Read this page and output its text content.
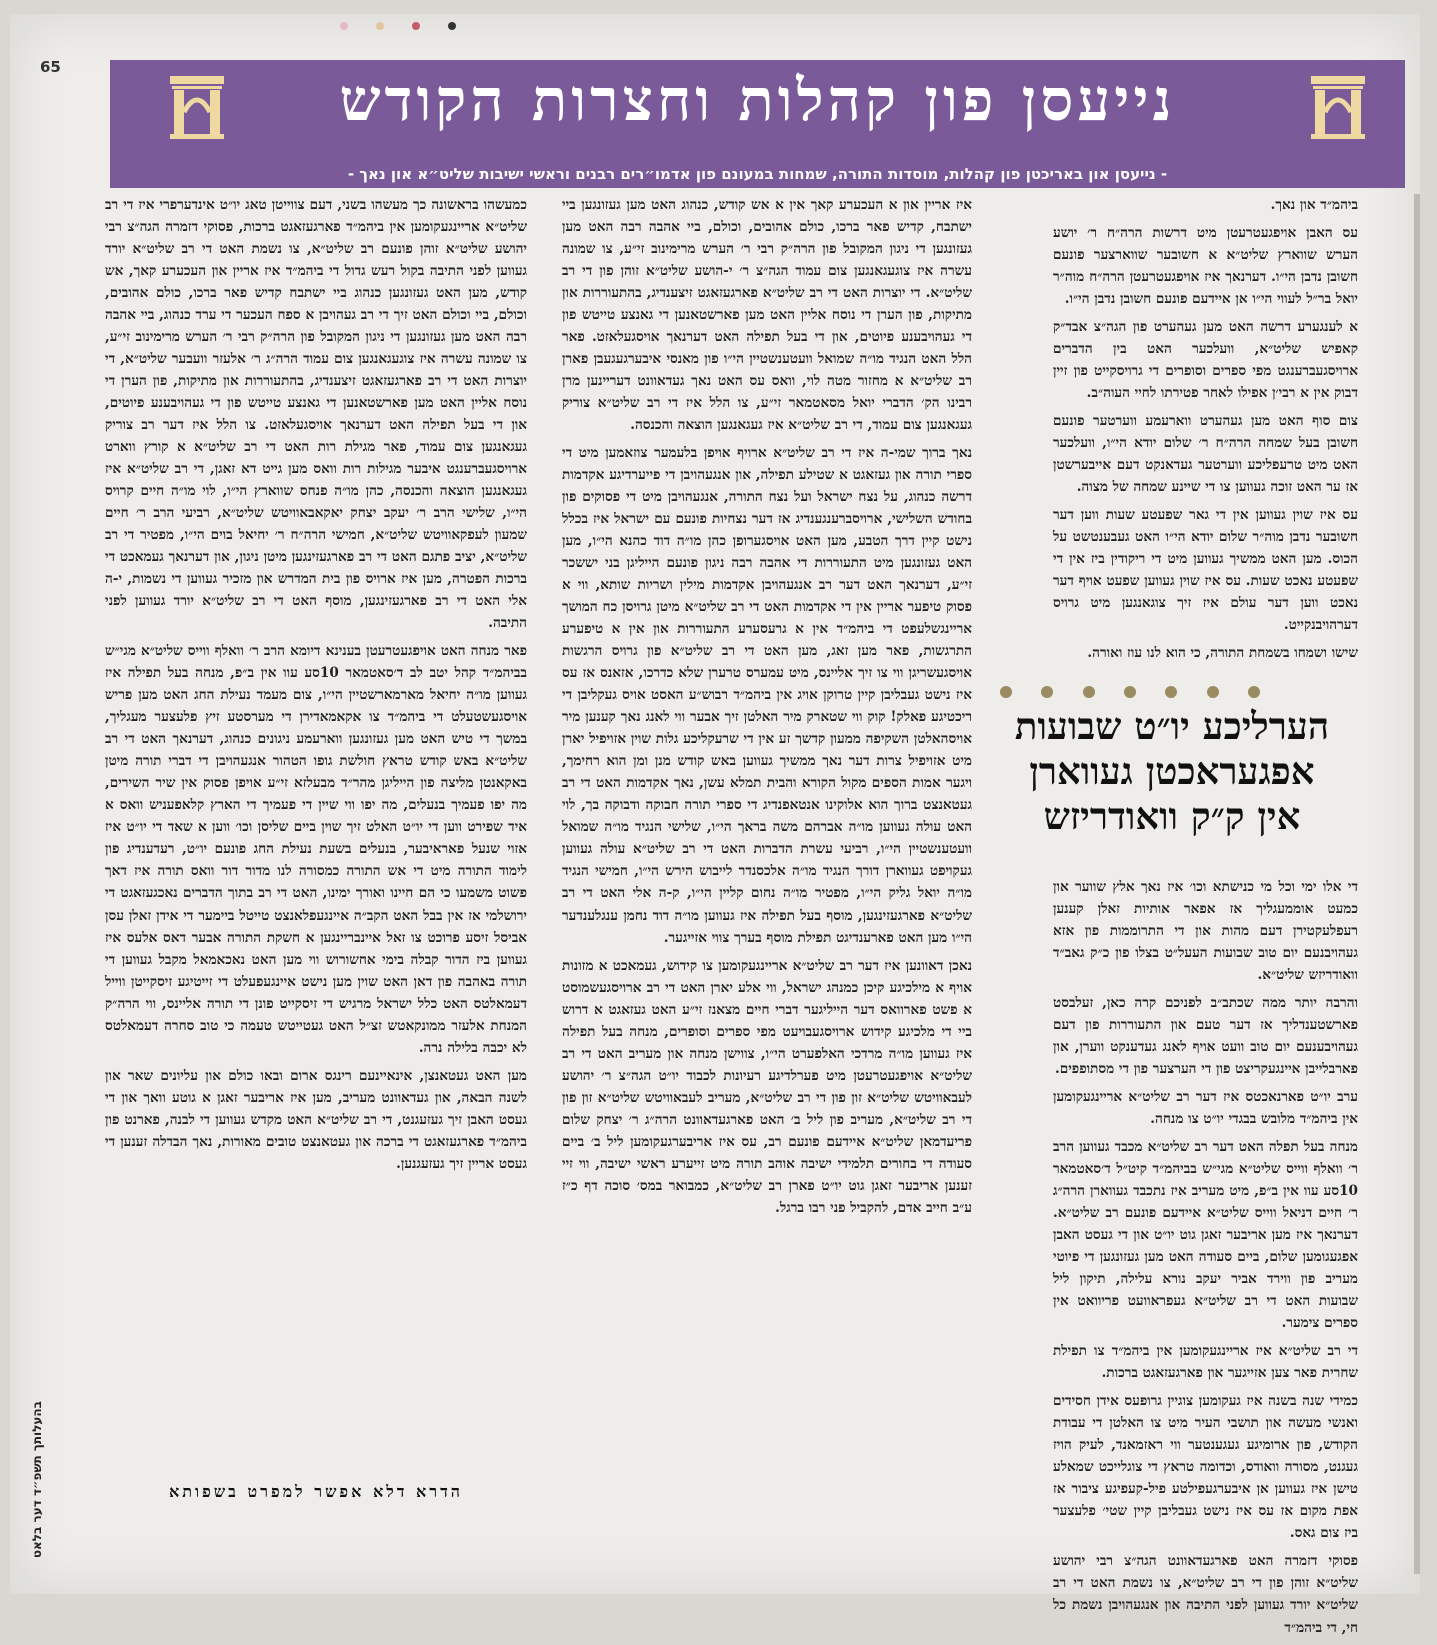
65	נייעסן פון קהלות וחצרות הקודש
- נייעסן און באריכטן פון קהלות, מוסדות התורה, שמחות במעונם פון אדמו״רים רבנים וראשי ישיבות שליט״א און נאך -

ביהמ״ד און נאך.

עס האבן אויפגעטרעטן מיט דרשות הרה״ח ר׳ יושע הערש שווארץ שליט״א א חשובער שווארצער פונעם חשובן נדבן הי״ו. דערנאך איז אויפגעטרעטן הרה״ח מוה״ר יואל בר״ל לעווי הי״ו אן איידעם פונעם חשובן נדבן הי״ו.

א לענגערע דרשה האט מען געהערט פון הגה״צ אבד״ק קאפיש שליט״א, וועלכער האט בין הדברים ארויסגעברענגט מפי ספרים וסופרים די גרויסקייט פון זיין דבוק אין א רבי׳ן אפילו לאחר פטירתו לחיי העוה״ב.

צום סוף האט מען געהערט ווארעמע ווערטער פונעם חשובן בעל שמחה הרה״ח ר׳ שלום יודא הי״ו, וועלכער האט מיט טרעפליכע ווערטער געדאנקט דעם אייבערשטן אז ער האט זוכה געווען צו די שיינע שמחה של מצוה.

עס איז שוין געווען אין די גאר שפעטע שעות ווען דער חשובער נדבן מוה״ר שלום יודא הי״ו האט געבענטשט על הכוס. מען האט ממשיך געווען מיט די ריקודין ביז אין די שפעטע נאכט שעות. עס איז שוין געווען שפעט אויף דער נאכט ווען דער עולם איז זיך צוגאנגען מיט גרויס דערהויבנקייט.

שישו ושמחו בשמחת התורה, כי הוא לנו עוז ואורה.

הערליכע יו״ט שבועות
אפגעראכטן געווארן
אין ק״ק וואודריזש

די אלו ימי וכל מי כנישתא וכו׳ איז נאך אלץ שווער און כמעט אוממעגליך אז אפאר אותיות זאלן קענען רעפלעקטירן דעם מהות און די התרוממות פון אזא געהויבנעם יום טוב שבועות העעל״ט בצלו פון כ״ק גאב״ד וואודריזש שליט״א.

והרבה יותר ממה שכתב״ב לפניכם קרה כאן, זעלבסט פארשטענדליך אז דער טעם און התעוררות פון דעם געהויבענעם יום טוב וועט אויף לאנג געדענקט ווערן, און פארבלייבן איינגעקריצט פון די הערצער פון די מסתופפים.

ערב יו״ט פארנאכטס איז דער רב שליט״א אריינגעקומען אין ביהמ״ד מלובש בבגדי יו״ט צו מנחה.

מנחה בעל תפלה האט דער רב שליט״א מכבד געווען הרב ר׳ וואלף ווייס שליט״א מגי״ש בביהמ״ד קיט״ל ד׳סאטמאר 10סע עוו אין ב״פ, מיט מעריב איז נתכבד געווארן הרה״ג ר׳ חיים דניאל ווייס שליט״א איידעם פונעם רב שליט״א. דערנאך איז מען אריבער זאגן גוט יו״ט און די געסט האבן אפגעגומען שלום, ביים סעודה האט מען געזונגען די פיוטי מעריב פון ווירד אביר יעקב נורא עלילה, תיקון ליל שבועות האט די רב שליט״א געפראוועט פריוואט אין ספרים צימער.

די רב שליט״א איז אריינגעקומען אין ביהמ״ד צו תפילת שחרית פאר צען אזייגער און פארגעזאגט ברכות.

כמידי שנה בשנה איז געקומען צוגיין גרופעס אידן חסידים ואנשי מעשה און תושבי העיר מיט צו האלטן די עבודת הקודש, פון ארומיגע געגענטער ווי ראזמאנד, לעיק הויז געגנט, מסורה וואודס, וכדומה טראץ די צוגלייכט שמאלע טישן איז געווען אן איבערגעפילטע פיל-קעפיגע ציבור אז אפת מקום אז עס איז נישט געבליבן קיין שטי׳ פלעצער ביז צום גאס.

פסוקי דזמרה האט פארגעדאוונט הגה״צ רבי יהושע שליט״א זוהן פון די רב שליט״א, צו נשמת האט די רב שליט״א יורד געווען לפני התיבה און אנגעהויבן נשמת כל חי, די ביהמ״ד

איז אריין און א העכערע קאך אין א אש קודש, כנהוג האט מען געזונגען ביי ישתבח, קדיש פאר ברכו, כולם אהובים, וכולם, ביי אהבה רבה האט מען געזונגען די ניגון המקובל פון הרה״ק רבי ר׳ הערש מרימינוב זי״ע, צו שמונה עשרה איז צוגעגאנגען צום עמוד הגה״צ ר׳ י-הושע שליט״א זוהן פון די רב שליט״א. די יוצרות האט די רב שליט״א פארגעזאגט זיצענדיג, בהתעוררות און מתיקות, פון הערן די נוסח אליין האט מען פארשטאנען די גאנצע טייטש פון די געהויבענע פיוטים, און די בעל תפילה האט דערנאך אויסגעלאזט. פאר הלל האט הנגיד מו״ה שמואל וועטענשטיין הי״ו פון מאנסי איבערגעגעבן פארן רב שליט״א א מחזור מטה לוי, וואס עס האט נאך געדאוונט דעריינען מרן רבינו הק׳ הדברי יואל מסאטמאר זי״ע, צו הלל איז די רב שליט״א צוריק געגאנגען צום עמוד, די רב שליט״א איז געגאנגען הוצאה והכנסה.

נאך ברוך שמי-ה איז די רב שליט״א ארויף אויפן בלעמער צוזאמען מיט די ספרי תורה און געזאגט א שטילע תפילה, און אנגעהויבן די פייערדיגע אקדמות דרשה כנהוג, על נצח ישראל ועל נצח התורה, אנגעהויבן מיט די פסוקים פון בחודש השלישי, ארויסברענגענדיג אז דער נצחיות פונעם עם ישראל איז בכלל נישט קיין דרך הטבע, מען האט אויסגערופן כהן מו״ה דוד כהנא הי״ו, מען האט געזונגען מיט התעוררות די אהבה רבה ניגון פונעם הייליגן בני יששכר זי״ע, דערנאך האט דער רב אנגעהויבן אקדמות מילין ושריות שותא, ווי א פסוק טיפער אריין אין די אקדמות האט די רב שליט״א מיטן גרויסן כח המושך אריינגשלעפט די ביהמ״ד אין א גרעסערע התעוררות און אין א טיפערע התרגשות, פאר מען זאג, מען האט די רב שליט״א פון גרויס הרגשות אויסגעשריגן ווי צו זיך אליינס, מיט עמערס טרערן שלא כדרכו, אזאנס אז עס איז נישט געבליבן קיין טרוקן אויג אין ביהמ״ד רבוש״ע האסט אויס געקליבן די ריכטיגע פאלק! קוק ווי שטארק מיר האלטן זיך אבער ווי לאנג נאך קענען מיר אויסהאלטן השקיפה ממעון קדשך זע אין די שרעקליכע גלות שוין אזויפיל יארן מיט אזויפיל צרות דער נאך ממשיך געווען באש קודש מנן ומן הוא רחימך, ויגער אמות הספים מקול הקורא והבית תמלא עשן, נאך אקדמות האט די רב געטאנצט ברוך הוא אלוקינו אנטאפנדיג די ספרי תורה חבוקה ודבוקה בך, לוי האט עולה געווען מו״ה אברהם משה בראך הי״ו, שלישי הנגיד מו״ה שמואל וועטענשטיין הי״ו, רביעי עשרת הדברות האט די רב שליט״א עולה געווען געקויפט געווארן דורך הנגיד מו״ה אלכסנדר לייבוש הירש הי״ו, חמישי הנגיד מו״ה יואל גליק הי״ו, מפטיר מו״ה נחום קליין הי״ו, ק-ה אלי האט די רב שליט״א פארגעזינגען, מוסף בעל תפילה איז געווען מו״ה דוד נחמן ענגלענדער הי״ו מען האט פארענדיגט תפילת מוסף בערך צווי אזייגער.

נאכן דאוונען איז דער רב שליט״א אריינגעקומען צו קידוש, געמאכט א מזונות אויף א מילכיגע קיכן כמנהג ישראל, ווי אלע יארן האט די רב ארויסגעשמוסט א פשט פארוואס דער הייליגער דברי חיים מצאנז זי״ע האט געזאגט א דרוש ביי די מלכיגע קידוש ארויסגעבויעט מפי ספרים וסופרים, מנחה בעל תפילה איז געווען מו״ה מרדכי האלפערט הי״ו, צווישן מנחה און מעריב האט די רב שליט״א אויפגעטרעטן מיט פערלדיגע רעיונות לכבוד יו״ט הגה״צ ר׳ יהושע לעבאוויטש שליט״א זון פון די רב שליט״א, מעריב לעבאוויטש שליט״א זון פון די רב שליט״א, מעריב פון ליל ב׳ האט פארגעדאוונט הרה״ג ר׳ יצחק שלום פריעדמאן שליט״א איידעם פונעם רב, עס איז אריבערגעקומען ליל ב׳ ביים סעודה די בחורים תלמידי ישיבה אוהב תורה מיט זייערע ראשי ישיבה, ווי זיי זענען אריבער זאגן גוט יו״ט פארן רב שליט״א, כמבואר במס׳ סוכה דף כ״ז ע״ב חייב אדם, להקביל פני רבו ברגל.

כמעשהו בראשונה כך מעשהו בשני, דעם צווייטן טאג יו״ט אינדערפרי איז די רב שליט״א אריינגעקומען אין ביהמ״ד פארגעזאגט ברכות, פסוקי דזמרה הגה״צ רבי יהושע שליט״א זוהן פונעם רב שליט״א, צו נשמת האט די רב שליט״א יורד געווען לפני התיבה בקול רעש גדול די ביהמ״ד איז אריין און העכערע קאך, אש קודש, מען האט געזונגען כנהוג ביי ישתבח קדיש פאר ברכו, כולם אהובים, וכולם, ביי וכולם האט זיך די רב געהויבן א ספח העכער די ערד כנהוג, ביי אהבה רבה האט מען געזונגען די ניגון המקובל פון הרה״ק רבי ר׳ הערש מרימינוב זי״ע, צו שמונה עשרה איז צוגעגאנגען צום עמוד הרה״ג ר׳ אלעזר וועבער שליט״א, די יוצרות האט די רב פארגעזאגט זיצענדיג, בהתעוררות און מתיקות, פון הערן די נוסח אליין האט מען פארשטאנען די גאנצע טייטש פון די געהויבענע פיוטים, און די בעל תפילה האט דערנאך אויסגעלאזט. צו הלל איז דער רב צוריק געגאנגען צום עמוד, פאר מגילת רות האט די רב שליט״א א קורץ ווארט ארויסגעברענגט איבער מגילות רות וואס מען גייט דא זאגן, די רב שליט״א איז געגאנגען הוצאה והכנסה, כהן מו״ה פנחס שווארץ הי״ו, לוי מו״ה חיים קרויס הי״ו, שלישי הרב ר׳ יעקב יצחק יאקאבאוויטש שליט״א, רביעי הרב ר׳ חיים שמעון לעפקאוויטש שליט״א, חמישי הרה״ח ר׳ יחיאל בוים הי״ו, מפטיר די רב שליט״א, יציב פתגם האט די רב פארגעזינגען מיטן ניגון, און דערנאך געמאכט די ברכות הפטרה, מען איז ארויס פון בית המדרש און מזכיר געווען די נשמות, י-ה אלי האט די רב פארגעזינגען, מוסף האט די רב שליט״א יורד געווען לפני התיבה.

פאר מנחה האט אויפגעטרעטן בענינא דיומא הרב ר׳ וואלף ווייס שליט״א מגי״ש בביהמ״ד קהל יטב לב ד׳סאטמאר 10סע עוו אין ב״פ, מנחה בעל תפילה איז געווען מו״ה יחיאל מארמארשטיין הי״ו, צום מעמד נעילת החג האט מען פריש אויסגעשטעלט די ביהמ״ד צו אקאמאדירן די מערסטע זיץ פלעצער מעגליך, במשך די טיש האט מען געזונגען ווארעמע ניגונים כנהוג, דערנאך האט די רב שליט״א באש קודש טראץ חולשת גופו הטהור אנגעהויבן די דברי תורה מיטן באקאנטן מליצה פון הייליגן מהר״ד מבעלזא זי״ע אויפן פסוק אין שיר השירים, מה יפו פעמיך בנעלים, מה יפו ווי שיין די פעמיך די הארץ קלאפעניש וואס א איד שפירט ווען די יו״ט האלט זיך שוין ביים שליסן וכו׳ ווען א שאד די יו״ט איז אזוי שנעל פאראיבער, בנעלים בשעת נעילת החג פונעם יו״ט, רעדענדיג פון לימוד התורה מיט די אש התורה כמסורה לנו מדור דור וואס תורה איז דאך פשוט משמעו כי הם חיינו ואורך ימינו, האט די רב בתוך הדברים נאכגעזאגט די ירושלמי אז אין בבל האט הקב״ה איינגעפלאנצט טייטל ביימער די אידן זאלן עסן אביסל זיסע פרוכט צו זאל איינבריינגען א חשקת התורה אבער דאס אלעס איז געווען ביז הדור קבלה בימי אחשורוש ווי מען האט נאכאמאל מקבל געווען די תורה באהבה פון דאן האט שוין מען נישט איינגעפעלט די זייטיגע זיסקייטן ווייל דעמאלטס האט כלל ישראל מרגיש די זיסקייט פונן די תורה אליינס, ווי הרה״ק המנחת אלעזר ממונקאטש זצ״ל האט געטייטש טעמה כי טוב סחרה דעמאלטס לא יכבה בלילה נרה.

מען האט געטאנצן, אינאיינעם רינגס ארום ובאו כולם און עליונים שאר און לשנה הבאה, און געדאוונט מעריב, מען איז אריבער זאגן א גוטע וואך און די געסט האבן זיך געזעגנט, די רב שליט״א האט מקדש געווען די לבנה, פארנט פון ביהמ״ד פארגעזאגט די ברכה און געטאנצט טובים מאורות, נאך הבדלה זענען די געסט אריין זיך געזעגנען.

הדרא דלא אפשר למפרט בשפותא
בהעלותך תשפ״ד דער בלאט
